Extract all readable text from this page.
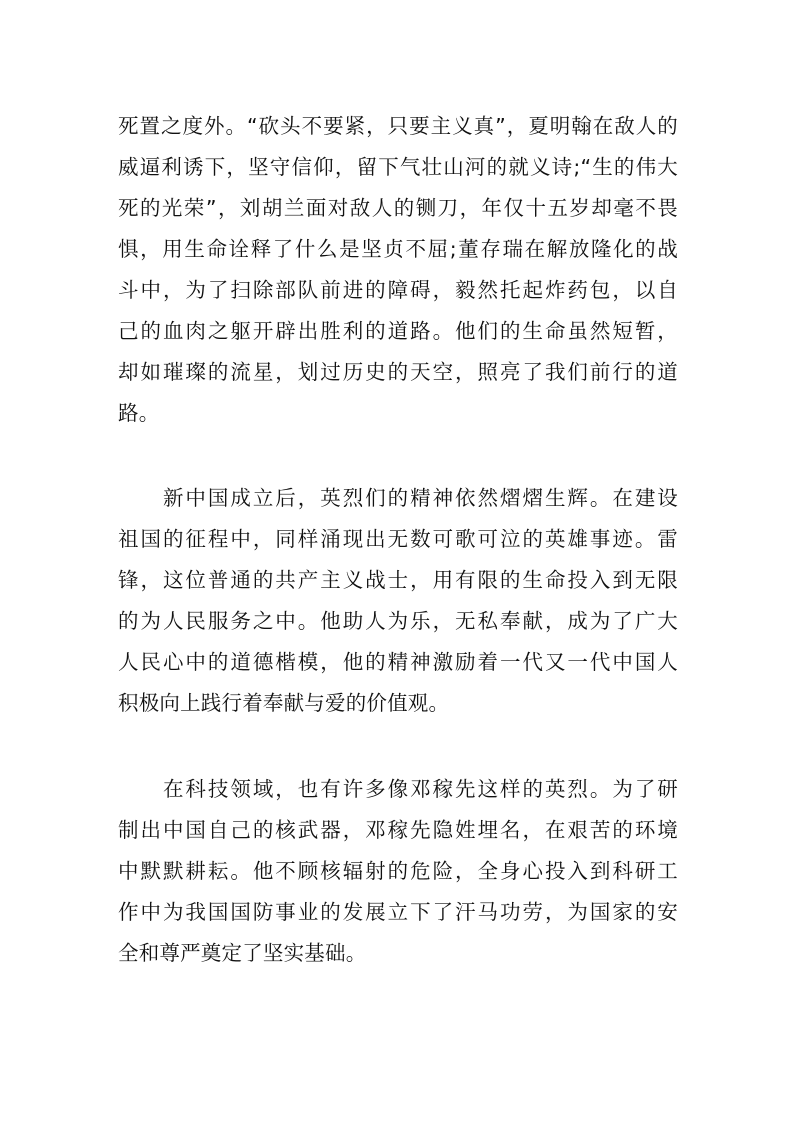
死置之度外。“砍头不要紧，只要主义真”，夏明翰在敌人的
威逼利诱下，坚守信仰，留下气壮山河的就义诗;“生的伟大
死的光荣”，刘胡兰面对敌人的铡刀，年仅十五岁却毫不畏
惧，用生命诠释了什么是坚贞不屈;董存瑞在解放隆化的战
斗中，为了扫除部队前进的障碍，毅然托起炸药包，以自
己的血肉之躯开辟出胜利的道路。他们的生命虽然短暂，
却如璀璨的流星，划过历史的天空，照亮了我们前行的道
路。
　　新中国成立后，英烈们的精神依然熠熠生辉。在建设
祖国的征程中，同样涌现出无数可歌可泣的英雄事迹。雷
锋，这位普通的共产主义战士，用有限的生命投入到无限
的为人民服务之中。他助人为乐，无私奉献，成为了广大
人民心中的道德楷模，他的精神激励着一代又一代中国人
积极向上践行着奉献与爱的价值观。
　　在科技领域，也有许多像邓稼先这样的英烈。为了研
制出中国自己的核武器，邓稼先隐姓埋名，在艰苦的环境
中默默耕耘。他不顾核辐射的危险，全身心投入到科研工
作中为我国国防事业的发展立下了汗马功劳，为国家的安
全和尊严奠定了坚实基础。
